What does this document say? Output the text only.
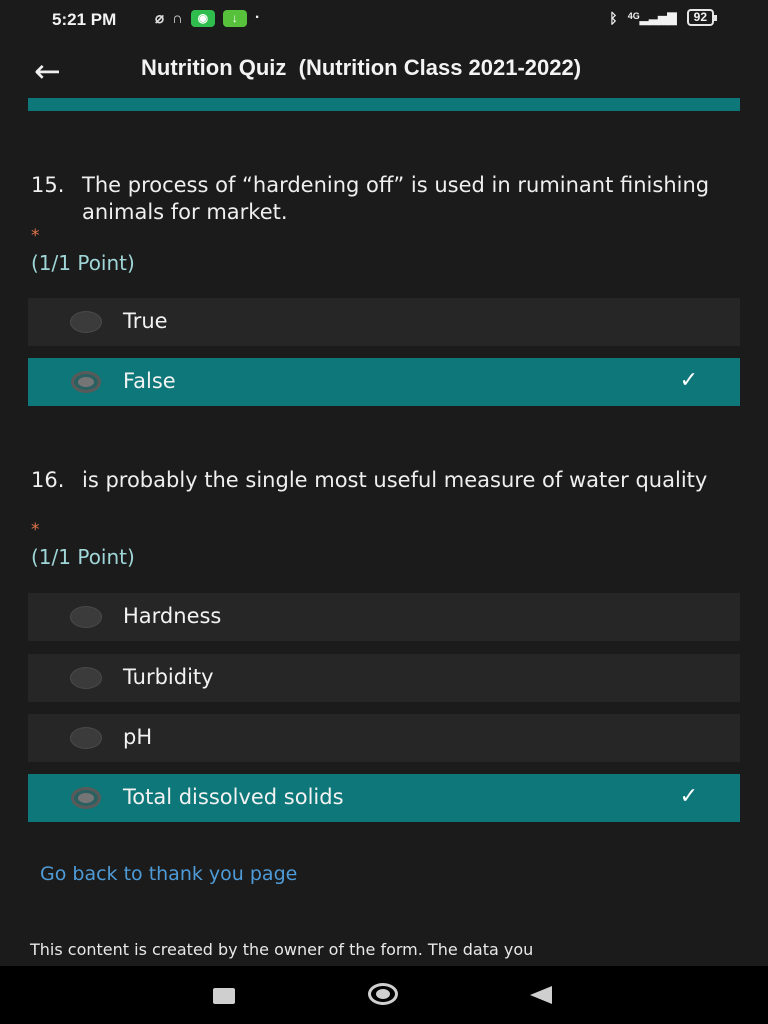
5:21 PM	⌀ ∩	◉	↓	·	ᛒ $^{4G}$▂▃▅▇	92
←	Nutrition Quiz  (Nutrition Class 2021-2022)
15. The process of “hardening off” is used in ruminant finishing animals for market.
*
(1/1 Point)
True
False	✓
16. is probably the single most useful measure of water quality
*
(1/1 Point)
Hardness
Turbidity
pH
Total dissolved solids	✓
Go back to thank you page
This content is created by the owner of the form. The data you
